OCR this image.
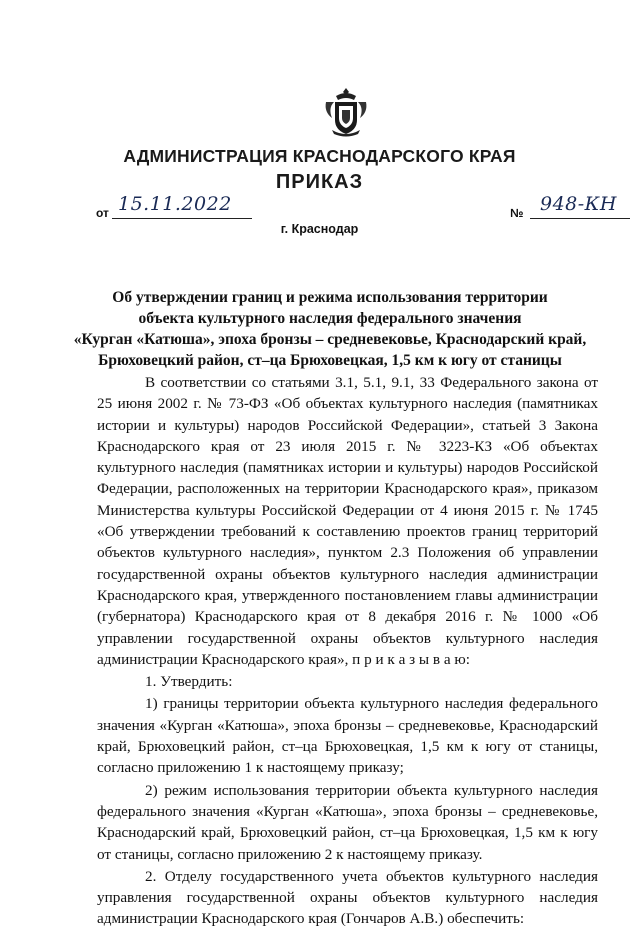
АДМИНИСТРАЦИЯ КРАСНОДАРСКОГО КРАЯ
ПРИКАЗ
от 15.11.2022	№ 948-КН
г. Краснодар
Об утверждении границ и режима использования территории
объекта культурного наследия федерального значения
«Курган «Катюша», эпоха бронзы – средневековье, Краснодарский край,
Брюховецкий район, ст–ца Брюховецкая, 1,5 км к югу от станицы

В соответствии со статьями 3.1, 5.1, 9.1, 33 Федерального закона от 25 июня 2002 г. № 73-ФЗ «Об объектах культурного наследия (памятниках истории и культуры) народов Российской Федерации», статьей 3 Закона Краснодарского края от 23 июля 2015 г. № 3223-КЗ «Об объектах культурного наследия (памятниках истории и культуры) народов Российской Федерации, расположенных на территории Краснодарского края», приказом Министерства культуры Российской Федерации от 4 июня 2015 г. № 1745 «Об утверждении требований к составлению проектов границ территорий объектов культурного наследия», пунктом 2.3 Положения об управлении государственной охраны объектов культурного наследия администрации Краснодарского края, утвержденного постановлением главы администрации (губернатора) Краснодарского края от 8 декабря 2016 г. № 1000 «Об управлении государственной охраны объектов культурного наследия администрации Краснодарского края», п р и к а з ы в а ю:

1. Утвердить:

1) границы территории объекта культурного наследия федерального значения «Курган «Катюша», эпоха бронзы – средневековье, Краснодарский край, Брюховецкий район, ст–ца Брюховецкая, 1,5 км к югу от станицы, согласно приложению 1 к настоящему приказу;

2) режим использования территории объекта культурного наследия федерального значения «Курган «Катюша», эпоха бронзы – средневековье, Краснодарский край, Брюховецкий район, ст–ца Брюховецкая, 1,5 км к югу от станицы, согласно приложению 2 к настоящему приказу.

2. Отделу государственного учета объектов культурного наследия управления государственной охраны объектов культурного наследия администрации Краснодарского края (Гончаров А.В.) обеспечить:
